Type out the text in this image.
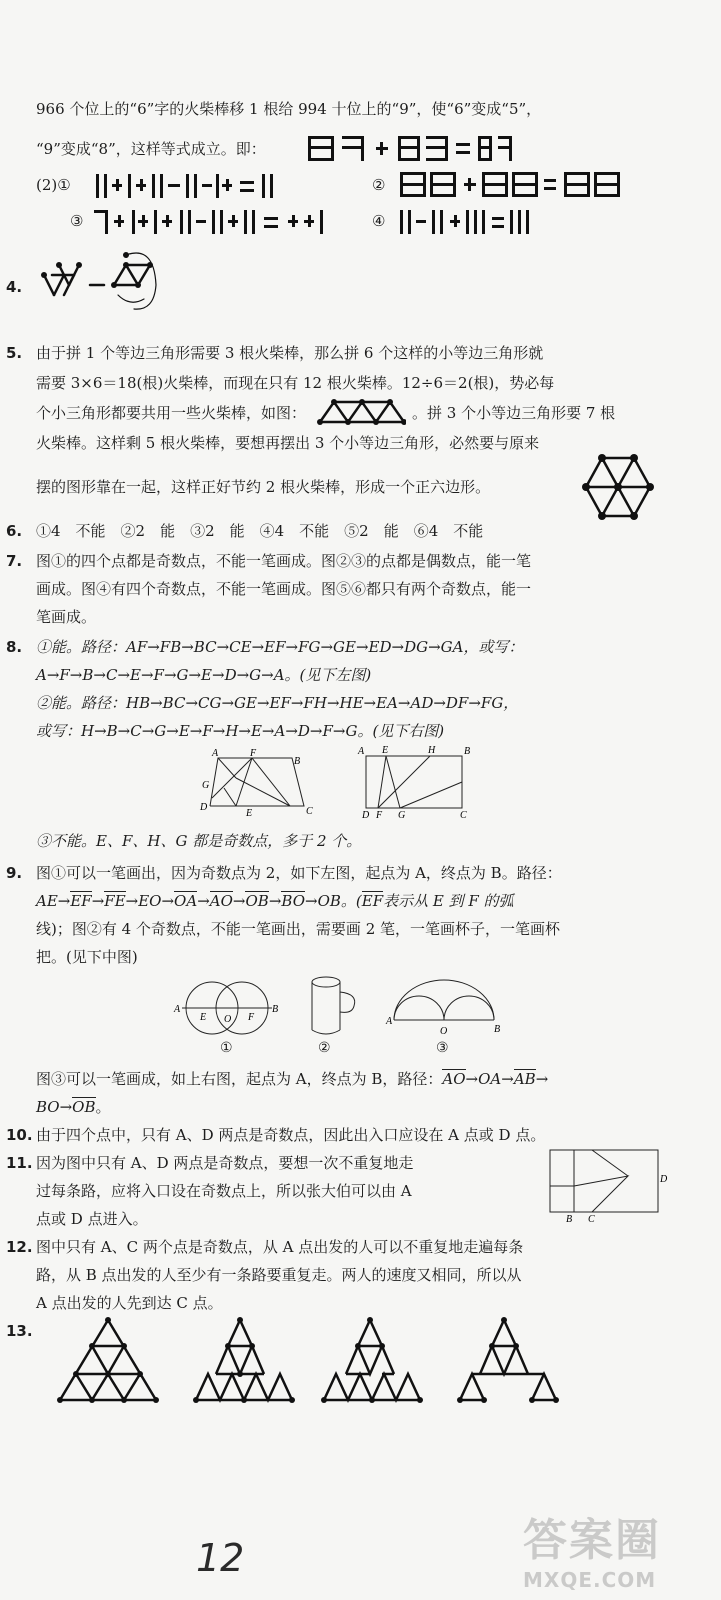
966 个位上的“6”字的火柴棒移 1 根给 994 十位上的“9”，使“6”变成“5”，
“9”变成“8”，这样等式成立。即：
(2)①	②
③	④
4.
5. 由于拼 1 个等边三角形需要 3 根火柴棒，那么拼 6 个这样的小等边三角形就
需要 3×6＝18(根)火柴棒，而现在只有 12 根火柴棒。12÷6＝2(根)，势必每
个小三角形都要共用一些火柴棒，如图：	。拼 3 个小等边三角形要 7 根
火柴棒。这样剩 5 根火柴棒，要想再摆出 3 个小等边三角形，必然要与原来
摆的图形靠在一起，这样正好节约 2 根火柴棒，形成一个正六边形。
6. ①4　不能　②2　能　③2　能　④4　不能　⑤2　能　⑥4　不能
7. 图①的四个点都是奇数点，不能一笔画成。图②③的点都是偶数点，能一笔
画成。图④有四个奇数点，不能一笔画成。图⑤⑥都只有两个奇数点，能一
笔画成。
8. ①能。路径：AF→FB→BC→CE→EF→FG→GE→ED→DG→GA，或写：
A→F→B→C→E→F→G→E→D→G→A。(见下左图)
②能。路径：HB→BC→CG→GE→EF→FH→HE→EA→AD→DF→FG，
或写：H→B→C→G→E→F→H→E→A→D→F→G。(见下右图)
A	F
B
G
D
E	C
A E	H	B
D F G	C
③不能。E、F、H、G 都是奇数点，多于 2 个。
9. 图①可以一笔画出，因为奇数点为 2，如下左图，起点为 A，终点为 B。路径：
AE→EF→FE→EO→OA→AO→OB→BO→OB。(EF表示从 E 到 F 的弧
线)；图②有 4 个奇数点，不能一笔画出，需要画 2 笔，一笔画杯子，一笔画杯
把。(见下中图)
A
E O F
B
①	②
A
O	B
③
图③可以一笔画成，如上右图，起点为 A，终点为 B，路径：AO→OA→AB→
BO→OB。
10. 由于四个点中，只有 A、D 两点是奇数点，因此出入口应设在 A 点或 D 点。
11. 因为图中只有 A、D 两点是奇数点，要想一次不重复地走
过每条路，应将入口设在奇数点上，所以张大伯可以由 A
点或 D 点进入。
D
B C
12. 图中只有 A、C 两个点是奇数点，从 A 点出发的人可以不重复地走遍每条
路，从 B 点出发的人至少有一条路要重复走。两人的速度又相同，所以从
A 点出发的人先到达 C 点。
13.
12	答案圈
MXQE.COM
